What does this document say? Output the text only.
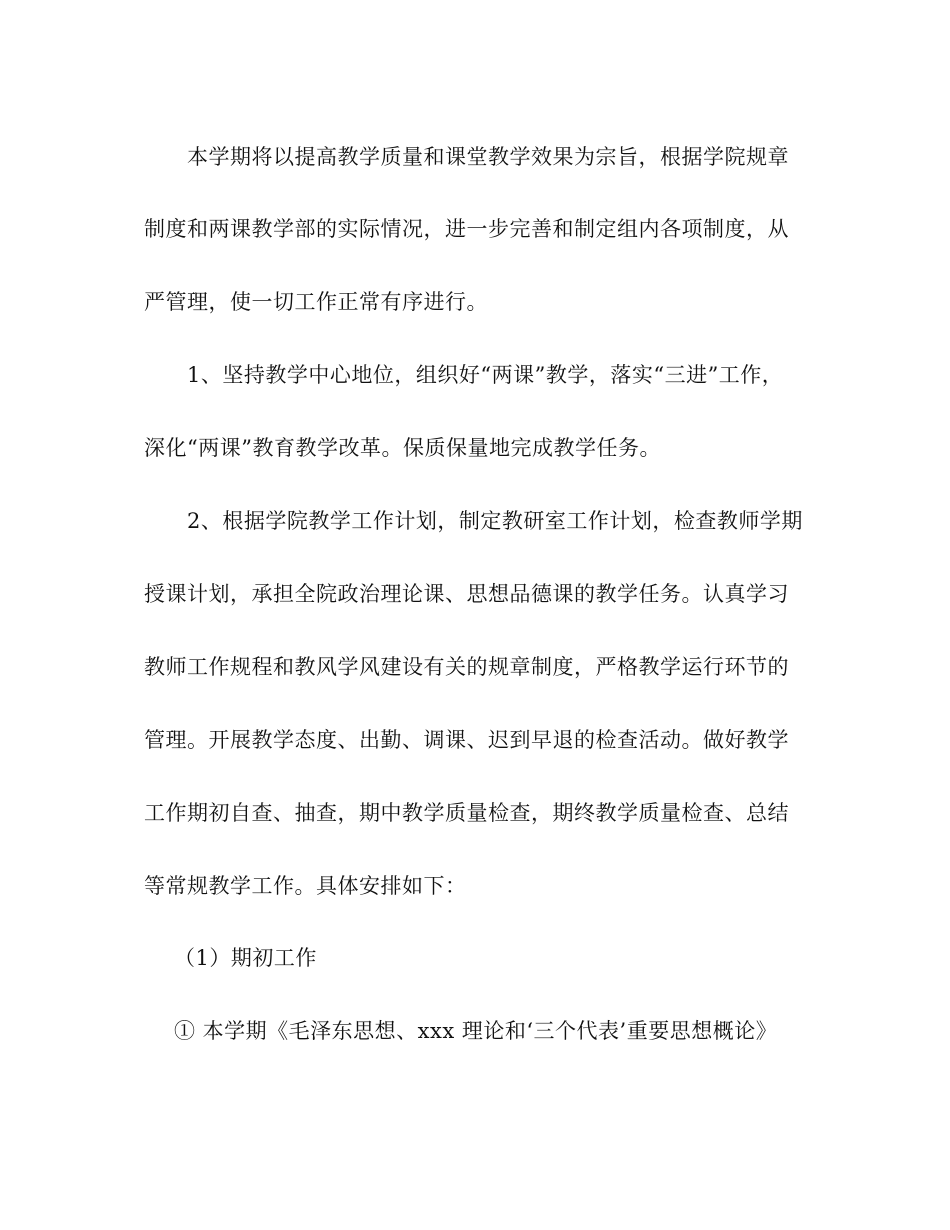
本学期将以提高教学质量和课堂教学效果为宗旨，根据学院规章
制度和两课教学部的实际情况，进一步完善和制定组内各项制度，从
严管理，使一切工作正常有序进行。
1、坚持教学中心地位，组织好“两课”教学，落实“三进”工作，
深化“两课”教育教学改革。保质保量地完成教学任务。
2、根据学院教学工作计划，制定教研室工作计划，检查教师学期
授课计划，承担全院政治理论课、思想品德课的教学任务。认真学习
教师工作规程和教风学风建设有关的规章制度，严格教学运行环节的
管理。开展教学态度、出勤、调课、迟到早退的检查活动。做好教学
工作期初自查、抽查，期中教学质量检查，期终教学质量检查、总结
等常规教学工作。具体安排如下：
（1）期初工作
① 本学期《毛泽东思想、xxx 理论和‘三个代表’重要思想概论》
